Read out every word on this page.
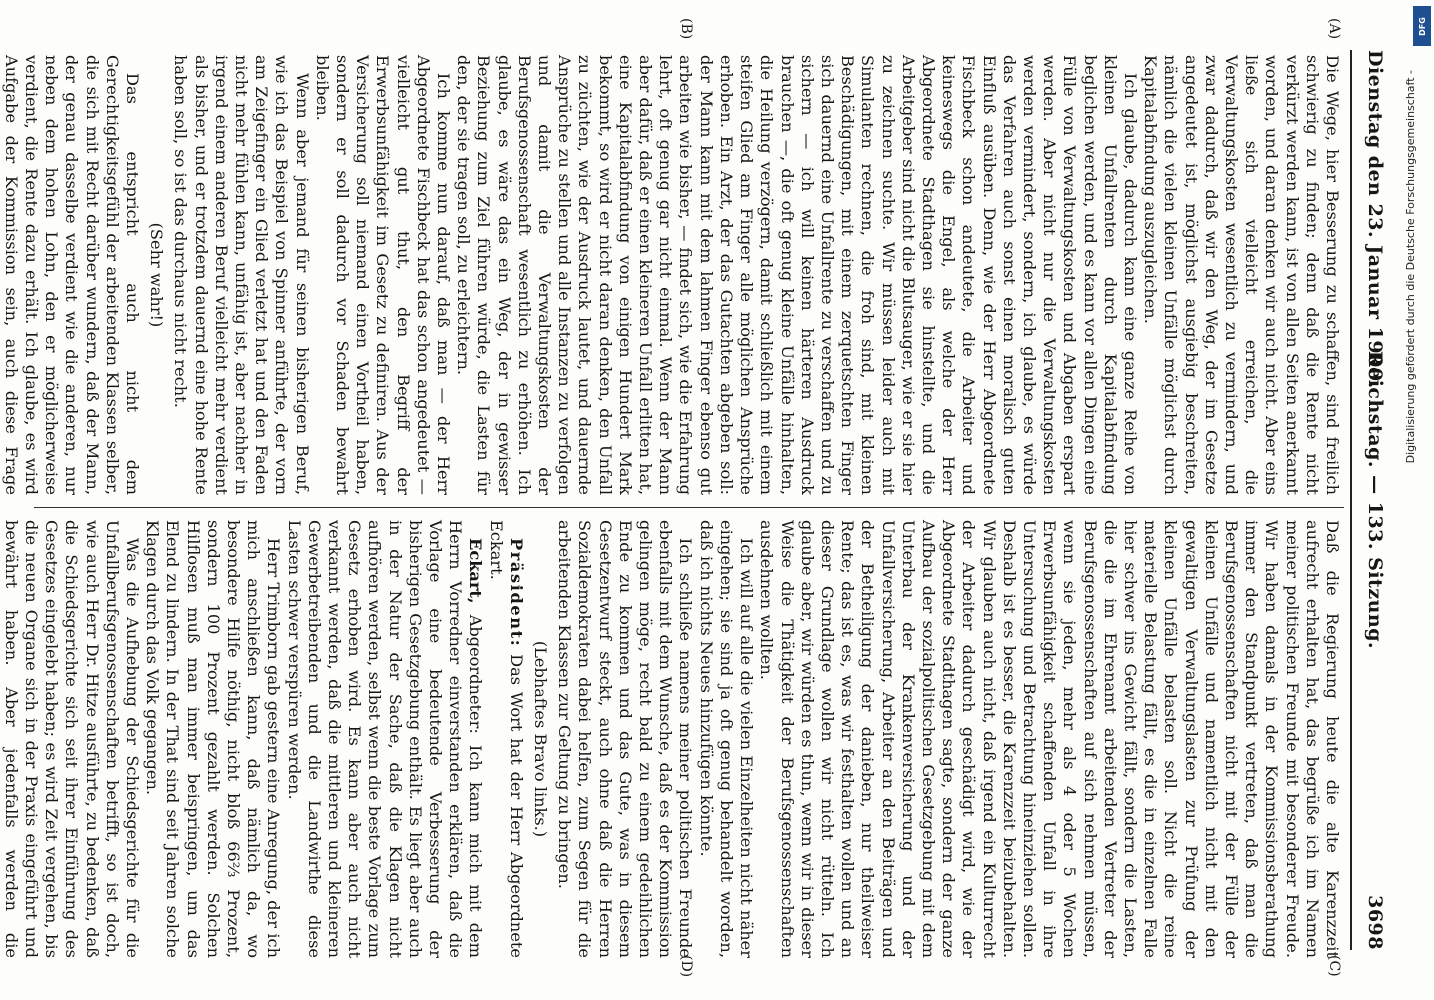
Dienstag den 23. Januar 1900.
Reichstag. — 133. Sitzung.
3698
(A)
(B)
(C)
(D)

Die Wege, hier Besserung zu schaffen, sind freilich schwierig zu finden; denn daß die Rente nicht verkürzt werden kann, ist von allen Seiten anerkannt worden, und daran denken wir auch nicht. Aber eins ließe sich vielleicht erreichen, die Verwaltungskosten wesentlich zu vermindern, und zwar dadurch, daß wir den Weg, der im Gesetze angedeutet ist, möglichst ausgiebig beschreiten, nämlich die vielen kleinen Unfälle möglichst durch Kapitalabfindung auszugleichen.

Ich glaube, dadurch kann eine ganze Reihe von kleinen Unfallrenten durch Kapitalabfindung beglichen werden, und es kann vor allen Dingen eine Fülle von Verwaltungskosten und Abgaben erspart werden. Aber nicht nur die Verwaltungskosten werden vermindert, sondern, ich glaube, es würde das Verfahren auch sonst einen moralisch guten Einfluß ausüben. Denn, wie der Herr Abgeordnete Fischbeck schon andeutete, die Arbeiter und keineswegs die Engel, als welche der Herr Abgeordnete Stadthagen sie hinstellte, und die Arbeitgeber sind nicht die Blutsauger, wie er sie hier zu zeichnen suchte. Wir müssen leider auch mit Simulanten rechnen, die froh sind, mit kleinen Beschädigungen, mit einem zerquetschten Finger sich dauernd eine Unfallrente zu verschaffen und zu sichern — ich will keinen härteren Ausdruck brauchen —, die oft genug kleine Unfälle hinhalten, die Heilung verzögern, damit schließlich mit einem steifen Glied am Finger alle möglichen Ansprüche erhoben. Ein Arzt, der das Gutachten abgeben soll: der Mann kann mit dem lahmen Finger ebenso gut arbeiten wie bisher, — findet sich, wie die Erfahrung lehrt, oft genug gar nicht einmal. Wenn der Mann aber dafür, daß er einen kleineren Unfall erlitten hat, eine Kapitalabfindung von einigen Hundert Mark bekommt, so wird er nicht daran denken, den Unfall zu züchten, wie der Ausdruck lautet, und dauernde Ansprüche zu stellen und alle Instanzen zu verfolgen und damit die Verwaltungskosten der Berufsgenossenschaft wesentlich zu erhöhen. Ich glaube, es wäre das ein Weg, der in gewisser Beziehung zum Ziel führen würde, die Lasten für den, der sie tragen soll, zu erleichtern.

Ich komme nun darauf, daß man — der Herr Abgeordnete Fischbeck hat das schon angedeutet — vielleicht gut thut, den Begriff der Erwerbsunfähigkeit im Gesetz zu definiren. Aus der Versicherung soll niemand einen Vortheil haben, sondern er soll dadurch vor Schaden bewahrt bleiben.

Wenn aber jemand für seinen bisherigen Beruf, wie ich das Beispiel von Spinner anführte, der vorn am Zeigefinger ein Glied verletzt hat und den Faden nicht mehr fühlen kann, unfähig ist, aber nachher in irgend einem anderen Beruf vielleicht mehr verdient als bisher, und er trotzdem dauernd eine hohe Rente haben soll, so ist das durchaus nicht recht.

(Sehr wahr!)

Das entspricht auch nicht dem Gerechtigkeitsgefühl der arbeitenden Klassen selber, die sich mit Recht darüber wundern, daß der Mann, der genau dasselbe verdient wie die anderen, nur neben dem hohen Lohn, den er möglicherweise verdient, die Rente dazu erhält. Ich glaube, es wird Aufgabe der Kommission sein, auch diese Frage

Daß die Regierung heute die alte Karenzzeit aufrecht erhalten hat, das begrüße ich im Namen meiner politischen Freunde mit besonderer Freude. Wir haben damals in der Kommissionsberathung immer den Standpunkt vertreten, daß man die Berufsgenossenschaften nicht mit der Fülle der kleinen Unfälle und namentlich nicht mit den gewaltigen Verwaltungslasten zur Prüfung der kleinen Unfälle belasten soll. Nicht die reine materielle Belastung fällt, es die in einzelnen Falle hier schwer ins Gewicht fällt, sondern die Lasten, die die im Ehrenamt arbeitenden Vertreter der Berufsgenossenschaften auf sich nehmen müssen, wenn sie jeden, mehr als 4 oder 5 Wochen Erwerbsunfähigkeit schaffenden Unfall in ihre Untersuchung und Betrachtung hineinziehen sollen. Deshalb ist es besser, die Karenzzeit beizubehalten. Wir glauben auch nicht, daß irgend ein Kulturrecht der Arbeiter dadurch geschädigt wird, wie der Abgeordnete Stadthagen sagte, sondern der ganze Aufbau der sozialpolitischen Gesetzgebung mit dem Unterbau der Krankenversicherung und der Unfallversicherung, Arbeiter an den Beiträgen und der Betheiligung der danieben, nur theilweiser Rente; das ist es, was wir festhalten wollen und an dieser Grundlage wollen wir nicht rütteln. Ich glaube aber, wir würden es thun, wenn wir in dieser Weise die Thätigkeit der Berufsgenossenschaften ausdehnen wollten.

Ich will auf alle die vielen Einzelheiten nicht näher eingehen; sie sind ja oft genug behandelt worden, daß ich nichts Neues hinzufügen könnte.

Ich schließe namens meiner politischen Freunde ebenfalls mit dem Wunsche, daß es der Kommission gelingen möge, recht bald zu einem gedeihlichen Ende zu kommen und das Gute, was in diesem Gesetzentwurf steckt, auch ohne daß die Herren Sozialdemokraten dabei helfen, zum Segen für die arbeitenden Klassen zur Geltung zu bringen.

(Lebhaftes Bravo links.)

Präsident: Das Wort hat der Herr Abgeordnete Eckart.

Eckart, Abgeordneter: Ich kann mich mit dem Herrn Vorredner einverstanden erklären, daß die Vorlage eine bedeutende Verbesserung der bisherigen Gesetzgebung enthält. Es liegt aber auch in der Natur der Sache, daß die Klagen nicht aufhören werden, selbst wenn die beste Vorlage zum Gesetz erhoben wird. Es kann aber auch nicht verkannt werden, daß die mittleren und kleineren Gewerbetreibenden und die Landwirthe diese Lasten schwer verspüren werden.

Herr Trimborn gab gestern eine Anregung, der ich mich anschließen kann, daß nämlich da, wo besondere Hilfe nöthig, nicht bloß 66⅔ Prozent, sondern 100 Prozent gezahlt werden. Solchen Hilflosen muß man immer beispringen, um das Elend zu lindern. In der That sind seit Jahren solche Klagen durch das Volk gegangen.

Was die Aufhebung der Schiedsgerichte für die Unfallberufsgenossenschaften betrifft, so ist doch, wie auch Herr Dr. Hitze ausführte, zu bedenken, daß die Schiedsgerichte sich seit ihrer Einführung des Gesetzes eingelebt haben; es wird Zeit vergehen, bis die neuen Organe sich in der Praxis eingeführt und bewährt haben. Aber jedenfalls werden die

Digitalisierung gefördert durch die Deutsche Forschungsgemeinschaft -
DFG
